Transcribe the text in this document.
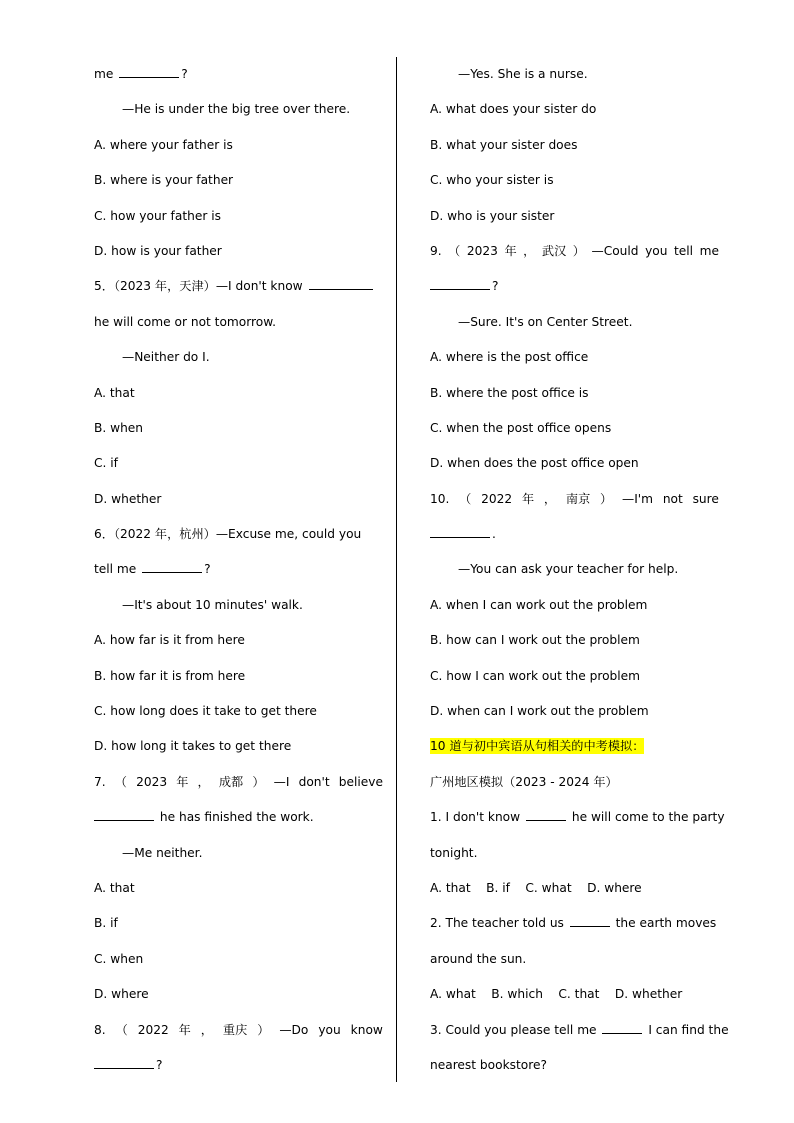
me	?
—He is under the big tree over there.
A. where your father is
B. where is your father
C. how your father is
D. how is your father
5．（2023 年，天津）—I don't know
he will come or not tomorrow.
—Neither do I.
A. that
B. when
C. if
D. whether
6．（2022 年，杭州）—Excuse me, could you
tell me	?
—It's about 10 minutes' walk.
A. how far is it from here
B. how far it is from here
C. how long does it take to get there
D. how long it takes to get there
7. （ 2023 年 ， 成都 ） —I don't believe
he has finished the work.
—Me neither.
A. that
B. if
C. when
D. where
8. （ 2022 年 ， 重庆 ） —Do you know
?
—Yes. She is a nurse.
A. what does your sister do
B. what your sister does
C. who your sister is
D. who is your sister
9. （ 2023 年 ， 武汉 ） —Could you tell me
?
—Sure. It's on Center Street.
A. where is the post office
B. where the post office is
C. when the post office opens
D. when does the post office open
10. （ 2022 年 ， 南京 ） —I'm not sure
.
—You can ask your teacher for help.
A. when I can work out the problem
B. how can I work out the problem
C. how I can work out the problem
D. when can I work out the problem
10 道与初中宾语从句相关的中考模拟：
广州地区模拟（2023 - 2024 年）
1. I don't know	he will come to the party
tonight.
A. that    B. if    C. what    D. where
2. The teacher told us	the earth moves
around the sun.
A. what    B. which    C. that    D. whether
3. Could you please tell me	I can find the
nearest bookstore?
